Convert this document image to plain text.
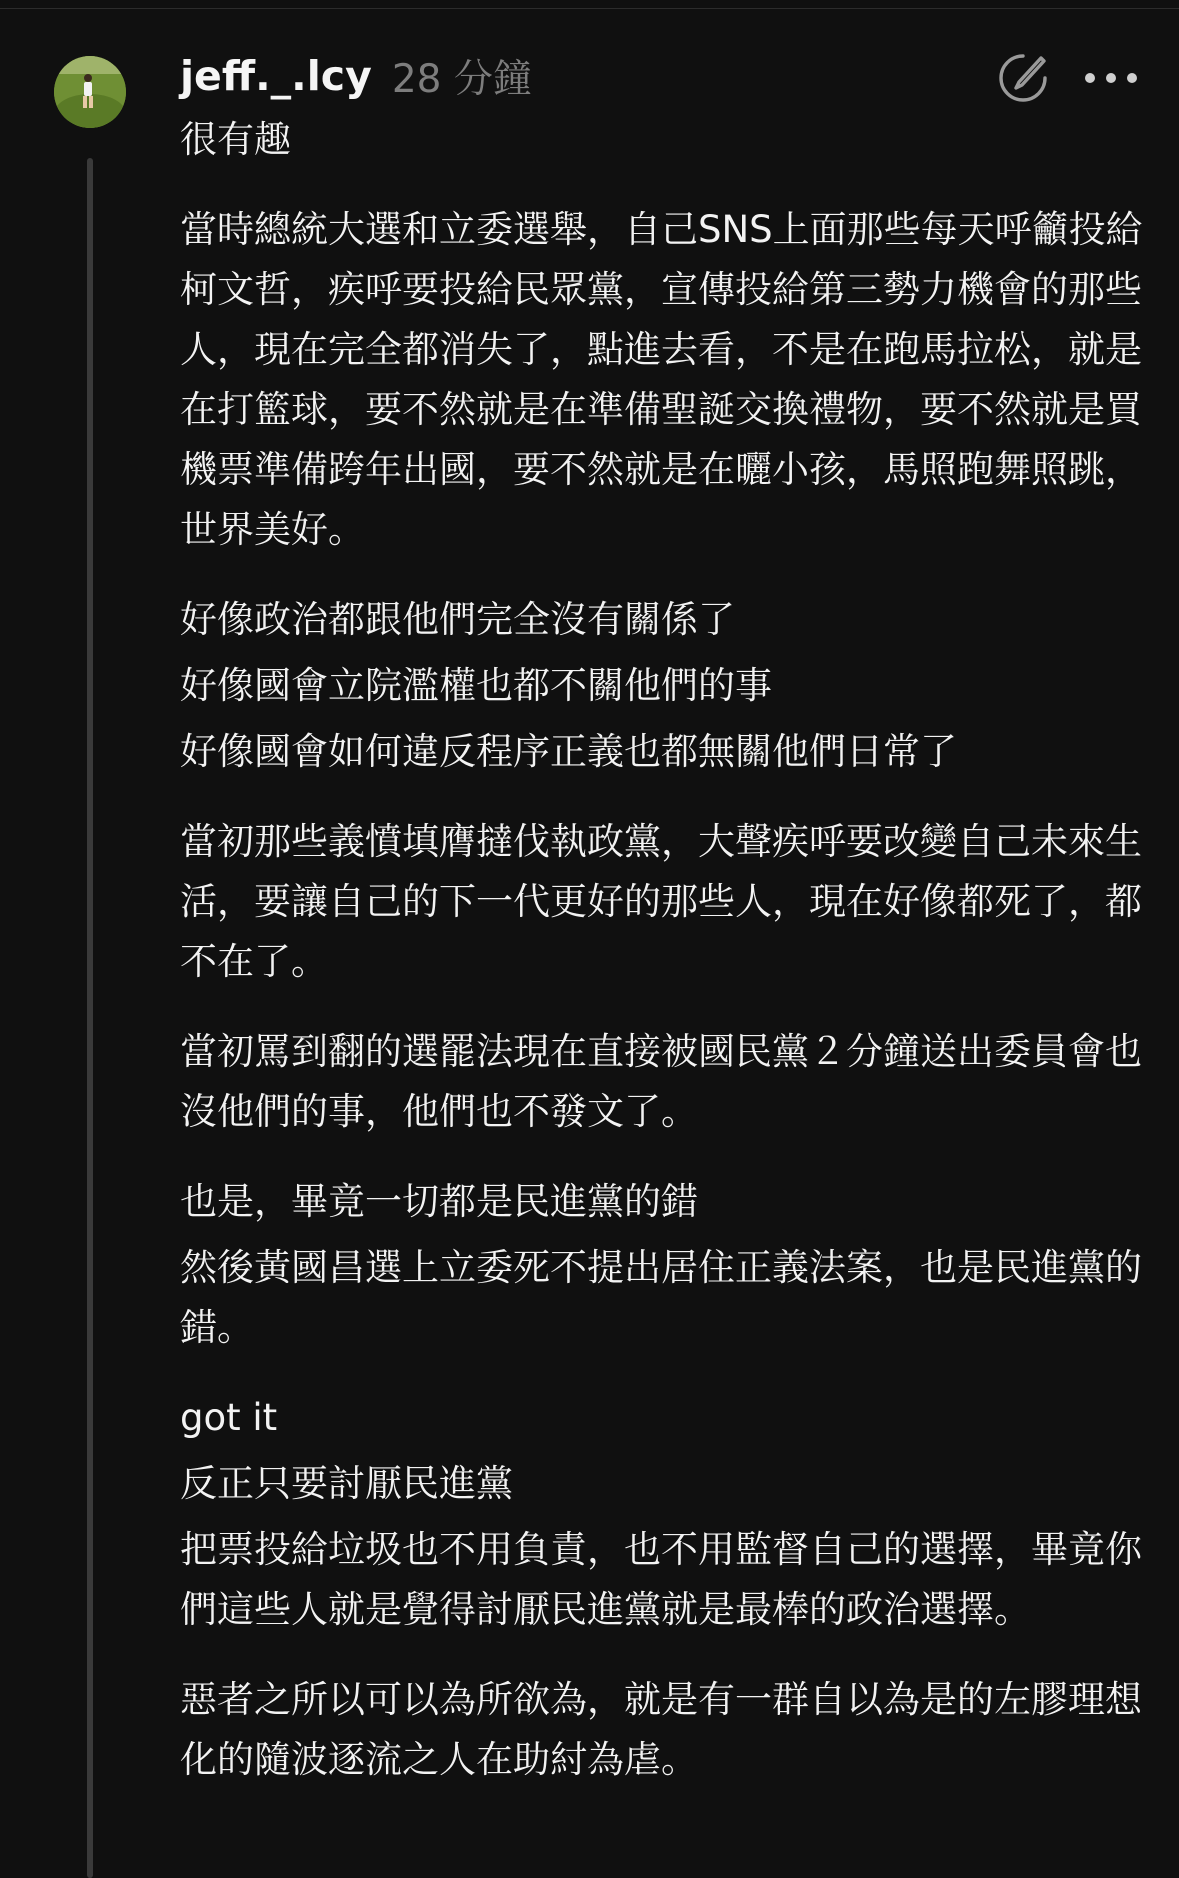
jeff._.lcy 28 分鐘

很有趣

當時總統大選和立委選舉，自己SNS上面那些每天呼籲投給柯文哲，疾呼要投給民眾黨，宣傳投給第三勢力機會的那些人，現在完全都消失了，點進去看，不是在跑馬拉松，就是在打籃球，要不然就是在準備聖誕交換禮物，要不然就是買機票準備跨年出國，要不然就是在曬小孩，馬照跑舞照跳，世界美好。

好像政治都跟他們完全沒有關係了

好像國會立院濫權也都不關他們的事

好像國會如何違反程序正義也都無關他們日常了

當初那些義憤填膺撻伐執政黨，大聲疾呼要改變自己未來生活，要讓自己的下一代更好的那些人，現在好像都死了，都不在了。

當初罵到翻的選罷法現在直接被國民黨２分鐘送出委員會也沒他們的事，他們也不發文了。

也是，畢竟一切都是民進黨的錯

然後黃國昌選上立委死不提出居住正義法案，也是民進黨的錯。

got it

反正只要討厭民進黨

把票投給垃圾也不用負責，也不用監督自己的選擇，畢竟你們這些人就是覺得討厭民進黨就是最棒的政治選擇。

惡者之所以可以為所欲為，就是有一群自以為是的左膠理想化的隨波逐流之人在助紂為虐。
